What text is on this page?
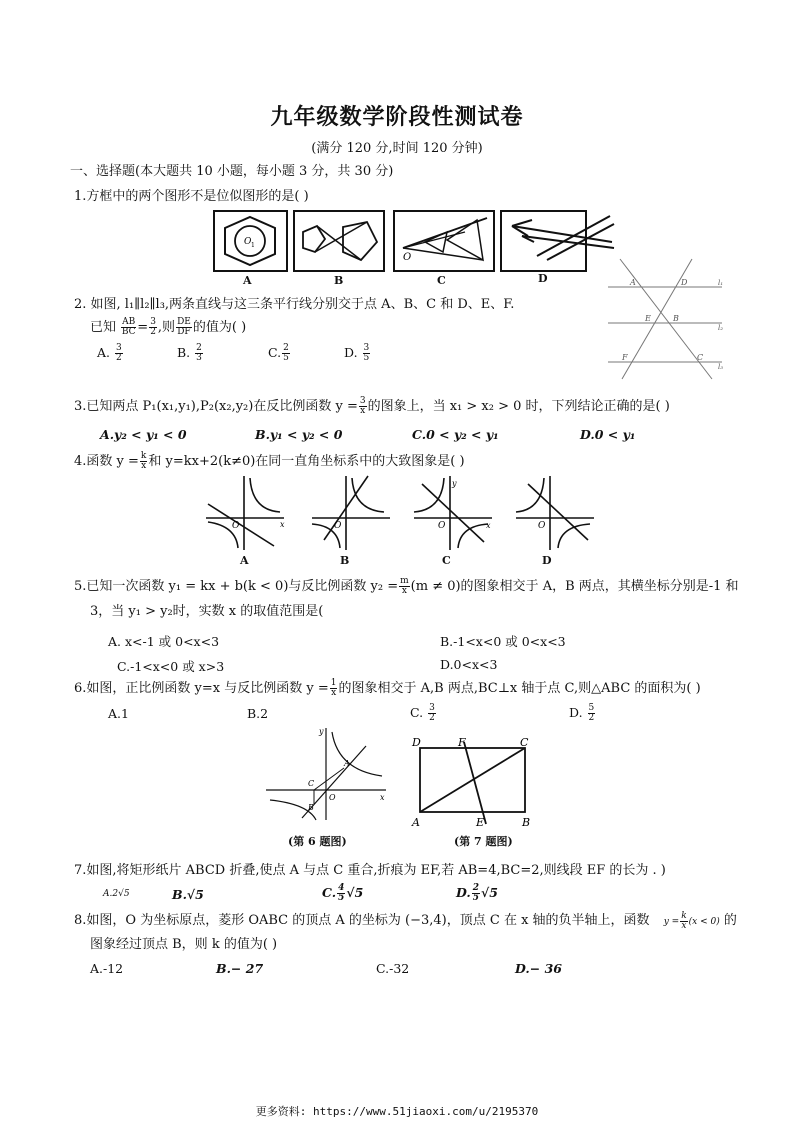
九年级数学阶段性测试卷
(满分 120 分,时间 120 分钟)
一、选择题(本大题共 10 小题，每小题 3 分，共 30 分)
1.方框中的两个图形不是位似图形的是( )
O 1
O
A	B	C	D	A	D
E	B
F	C
l₁
l₂
l₃
2. 如图, l₁∥l₂∥l₃,两条直线与这三条平行线分别交于点 A、B、C 和 D、E、F.
已知 $\frac{AB}{BC} = \frac{3}{2}$ ,则 $\frac{DE}{DF}$ 的值为( )
A. $\frac{3}{2}$	B. $\frac{2}{3}$	C. $\frac{2}{5}$	D. $\frac{3}{5}$
3.已知两点 P₁(x₁,y₁),P₂(x₂,y₂)在反比例函数 $y = \frac{3}{x}$ 的图象上，当 x₁ > x₂ > 0 时，下列结论正确的是( )
A.y₂ < y₁ < 0	B.y₁ < y₂ < 0	C.0 < y₂ < y₁	D.0 < y₁
4.函数 $y = \frac{k}{x}$ 和 y=kx+2(k≠0)在同一直角坐标系中的大致图象是( )
O	x	O
y
O	x	O
A	B	C	D
5.已知一次函数 y₁ = kx + b(k < 0)与反比例函数 $y_2 = \frac{m}{x} (m \ne 0)$的图象相交于 A，B 两点，其横坐标分别是-1 和
3，当 y₁ > y₂时，实数 x 的取值范围是(
A. x<-1 或 0<x<3	B.-1<x<0 或 0<x<3
C.-1<x<0 或 x>3	D.0<x<3
6.如图，正比例函数 y=x 与反比例函数 $y = \frac{1}{x}$ 的图象相交于 A,B 两点,BC⊥x 轴于点 C,则△ABC 的面积为( )
A.1	B.2	C. $\frac{3}{2}$	D. $\frac{5}{2}$
y
x
A
B
C
O
(第 6 题图)
D	F	C
A	E	B
(第 7 题图)
7.如图,将矩形纸片 ABCD 折叠,使点 A 与点 C 重合,折痕为 EF,若 AB=4,BC=2,则线段 EF 的长为 . )
A.2√5	B.√5	C. $\frac{4}{5} √5$	D. $\frac{2}{5} √5$
8.如图，O 为坐标原点，菱形 OABC 的顶点 A 的坐标为 (−3,4)，顶点 C 在 x 轴的负半轴上，函数 $y = \frac{k}{x} (x < 0)$ 的
图象经过顶点 B，则 k 的值为( )
A.-12	B.− 27	C.-32	D.− 36
更多资料: https://www.51jiaoxi.com/u/2195370
